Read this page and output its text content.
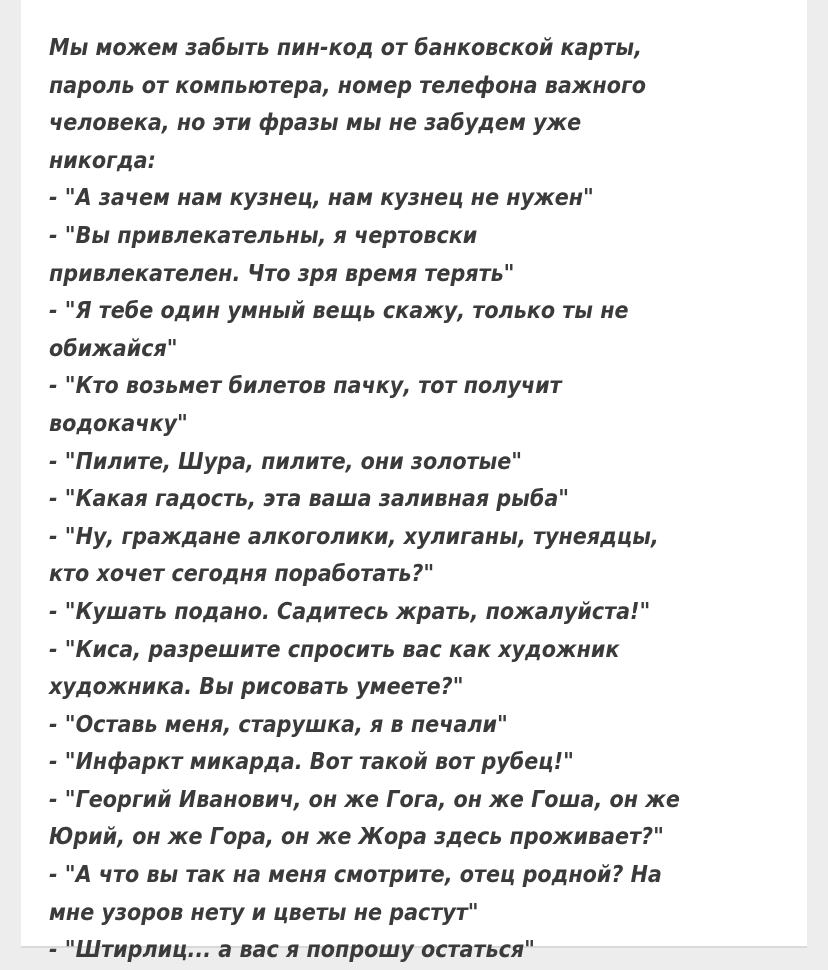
Мы можем забыть пин-код от банковской карты,
пароль от компьютера, номер телефона важного
человека, но эти фразы мы не забудем уже
никогда:
- "А зачем нам кузнец, нам кузнец не нужен"
- "Вы привлекательны, я чертовски
привлекателен. Что зря время терять"
- "Я тебе один умный вещь скажу, только ты не
обижайся"
- "Кто возьмет билетов пачку, тот получит
водокачку"
- "Пилите, Шура, пилите, они золотые"
- "Какая гадость, эта ваша заливная рыба"
- "Ну, граждане алкоголики, хулиганы, тунеядцы,
кто хочет сегодня поработать?"
- "Кушать подано. Садитесь жрать, пожалуйста!"
- "Киса, разрешите спросить вас как художник
художника. Вы рисовать умеете?"
- "Оставь меня, старушка, я в печали"
- "Инфаркт микарда. Вот такой вот рубец!"
- "Георгий Иванович, он же Гога, он же Гоша, он же
Юрий, он же Гора, он же Жора здесь проживает?"
- "А что вы так на меня смотрите, отец родной? На
мне узоров нету и цветы не растут"
- "Штирлиц... а вас я попрошу остаться"
